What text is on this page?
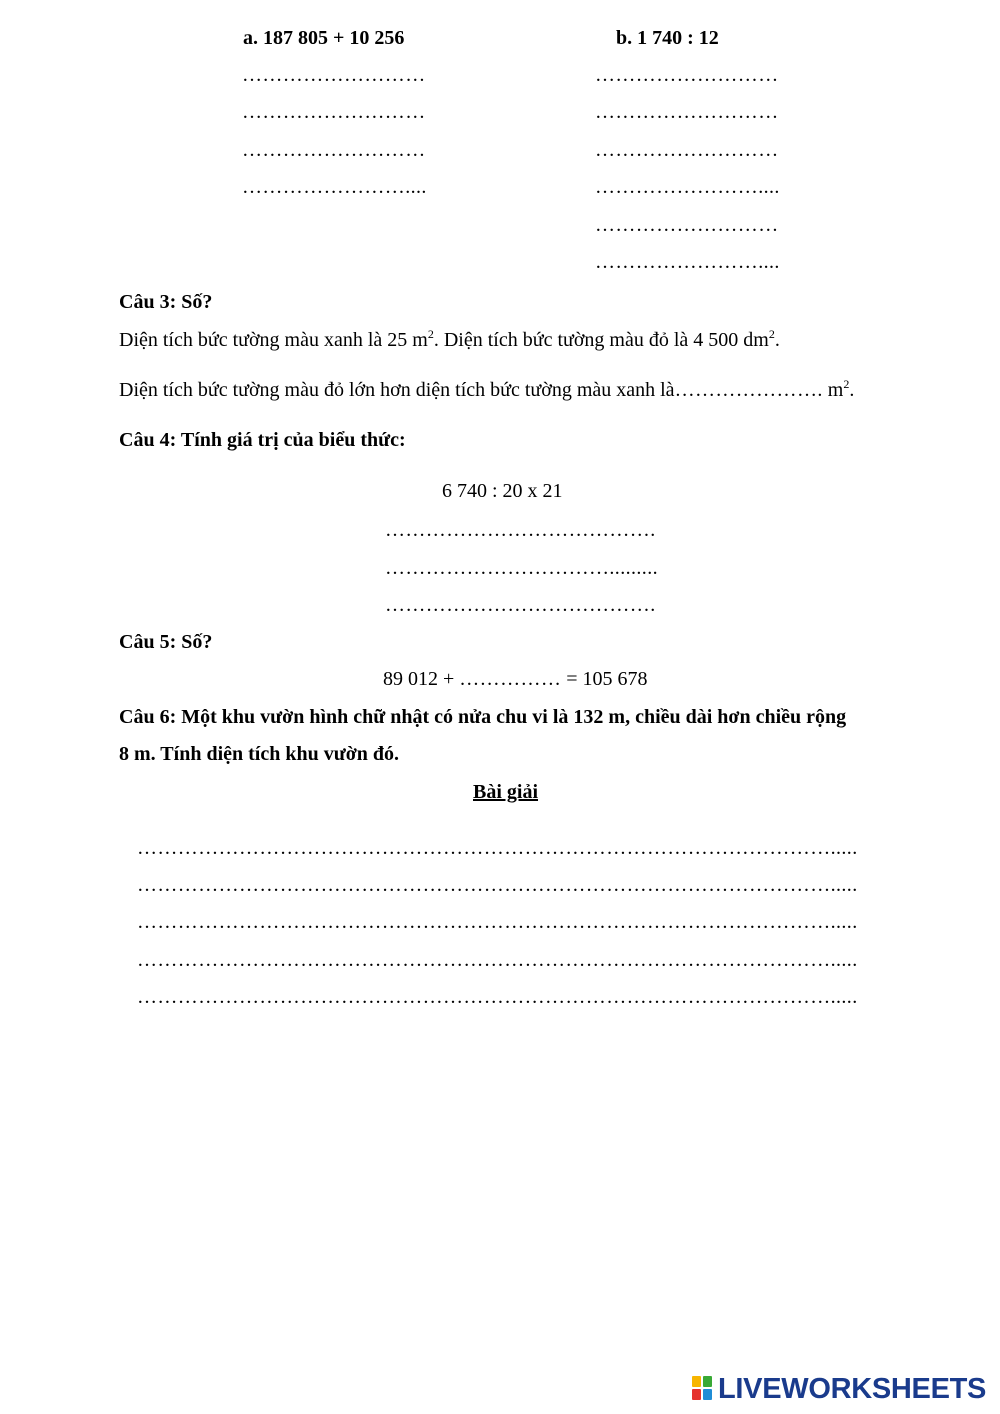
a. 187 805 + 10 256	b. 1 740 : 12
………………………
………………………
………………………
……………………....
………………………
………………………
………………………
……………………....
………………………
……………………....
Câu 3: Số?
Diện tích bức tường màu xanh là 25 $m^2$. Diện tích bức tường màu đỏ là 4 500 $dm^2$.
Diện tích bức tường màu đỏ lớn hơn diện tích bức tường màu xanh là…………………. $m^2$.
Câu 4: Tính giá trị của biểu thức:
6 740 : 20 x 21
………………………………….
…………………………….........
………………………………….
Câu 5: Số?
89 012 + …………… = 105 678
Câu 6: Một khu vườn hình chữ nhật có nửa chu vi là 132 m, chiều dài hơn chiều rộng
8 m. Tính diện tích khu vườn đó.
Bài giải
………………………………………………………………………………………….....
………………………………………………………………………………………….....
………………………………………………………………………………………….....
………………………………………………………………………………………….....
………………………………………………………………………………………….....
LIVEWORKSHEETS
